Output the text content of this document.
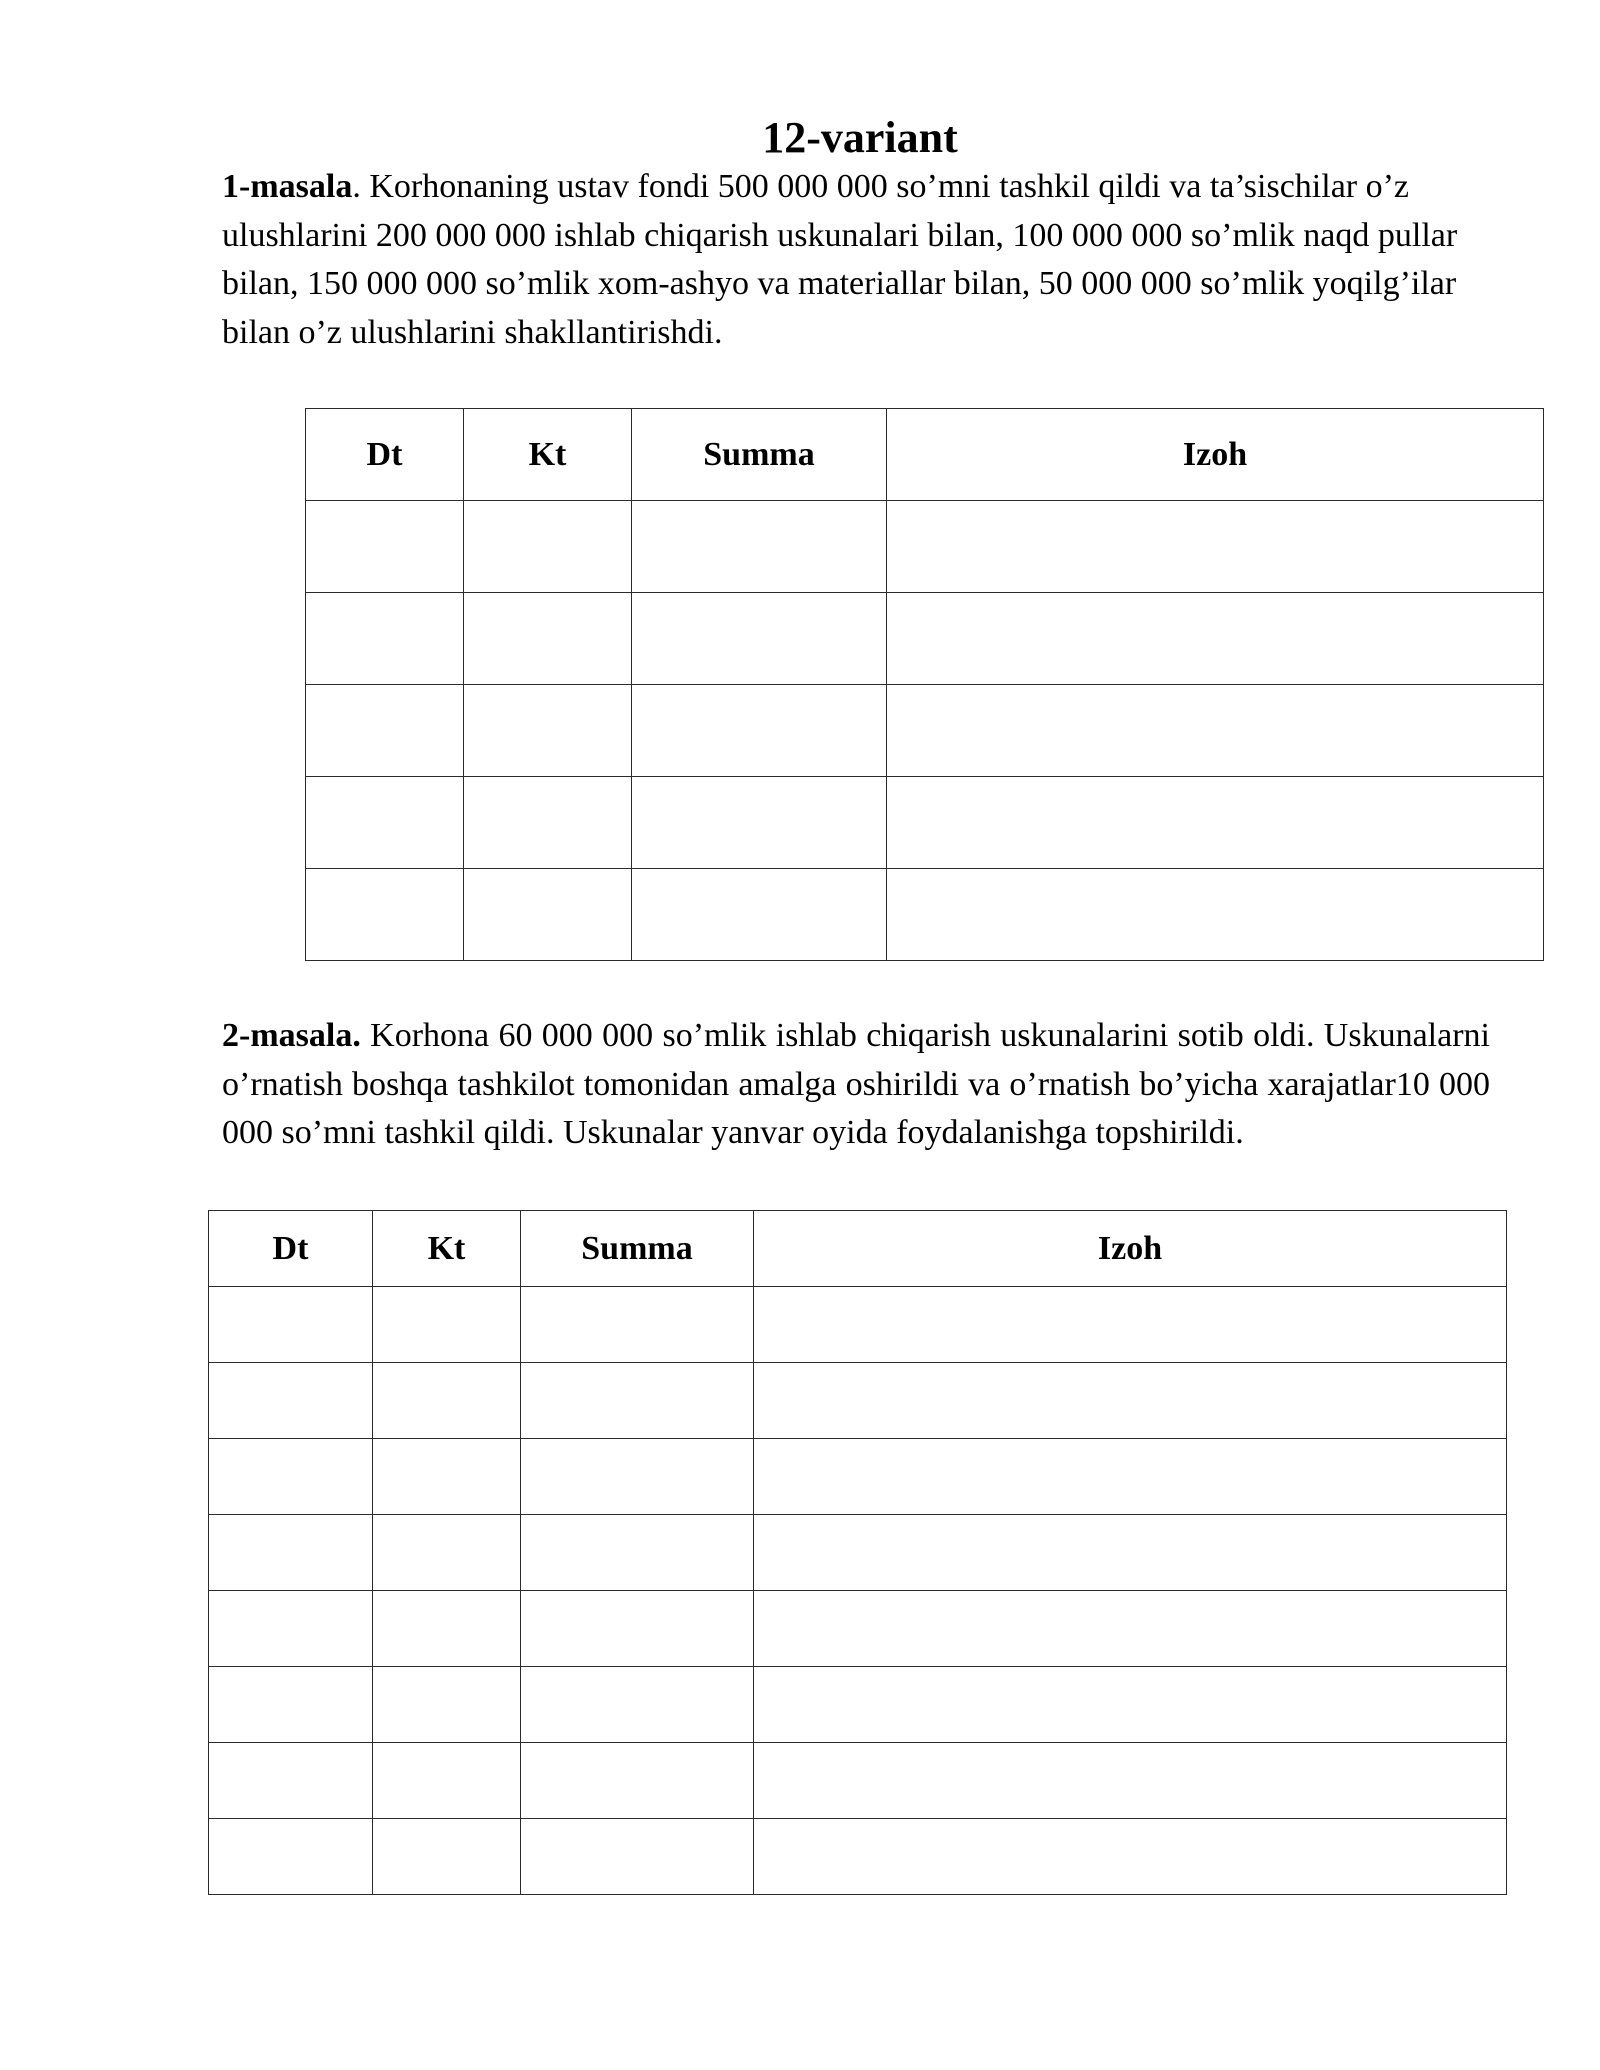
12-variant

1-masala. Korhonaning ustav fondi 500 000 000 so’mni tashkil qildi va ta’sischilar o’z ulushlarini 200 000 000 ishlab chiqarish uskunalari bilan, 100 000 000 so’mlik naqd pullar bilan, 150 000 000 so’mlik xom-ashyo va materiallar bilan, 50 000 000 so’mlik yoqilg’ilar bilan o’z ulushlarini shakllantirishdi.

Dt	Kt	Summa	Izoh

2-masala. Korhona 60 000 000 so’mlik ishlab chiqarish uskunalarini sotib oldi. Uskunalarni o’rnatish boshqa tashkilot tomonidan amalga oshirildi va o’rnatish bo’yicha xarajatlar10 000 000 so’mni tashkil qildi. Uskunalar yanvar oyida foydalanishga topshirildi.

Dt	Kt	Summa	Izoh
